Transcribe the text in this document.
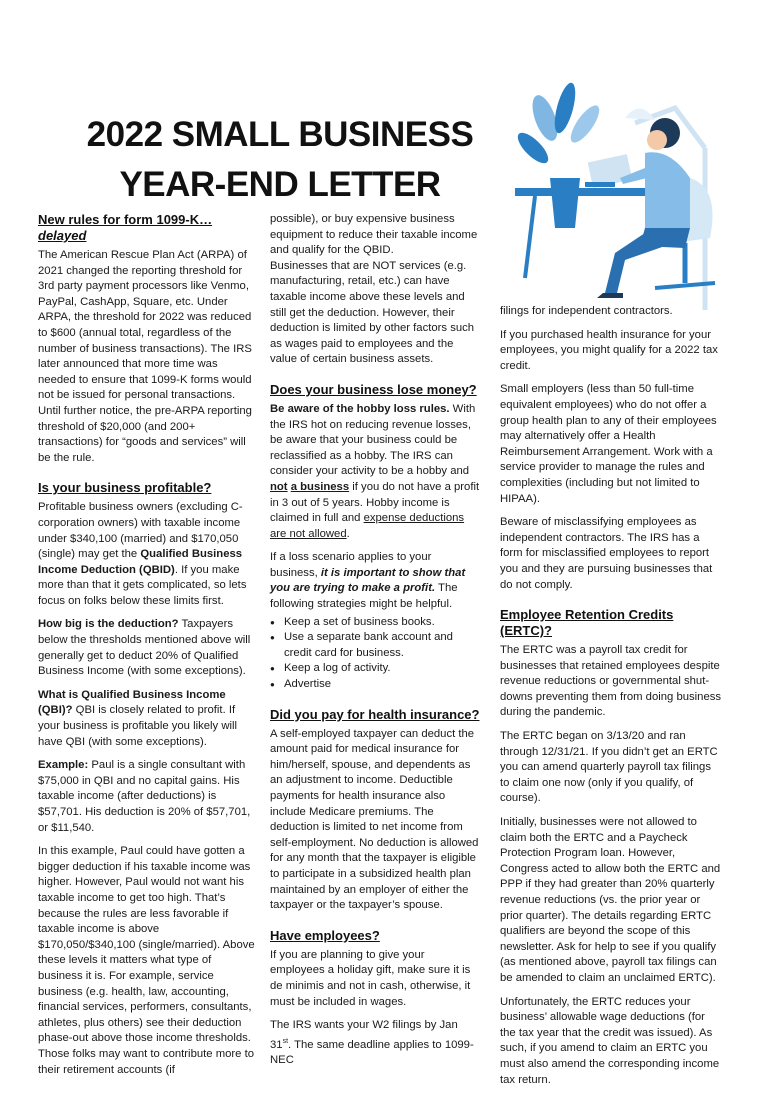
2022 SMALL BUSINESS
YEAR-END LETTER
New rules for form 1099-K… delayed

The American Rescue Plan Act (ARPA) of 2021 changed the reporting threshold for 3rd party payment processors like Venmo, PayPal, CashApp, Square, etc. Under ARPA, the threshold for 2022 was reduced to $600 (annual total, regardless of the number of business transactions). The IRS later announced that more time was needed to ensure that 1099-K forms would not be issued for personal transactions. Until further notice, the pre-ARPA reporting threshold of $20,000 (and 200+ transactions) for “goods and services” will be the rule.

Is your business profitable?

Profitable business owners (excluding C-corporation owners) with taxable income under $340,100 (married) and $170,050 (single) may get the Qualified Business Income Deduction (QBID). If you make more than that it gets complicated, so lets focus on folks below these limits first.

How big is the deduction? Taxpayers below the thresholds mentioned above will generally get to deduct 20% of Qualified Business Income (with some exceptions).

What is Qualified Business Income (QBI)? QBI is closely related to profit. If your business is profitable you likely will have QBI (with some exceptions).

Example: Paul is a single consultant with $75,000 in QBI and no capital gains. His taxable income (after deductions) is $57,701. His deduction is 20% of $57,701, or $11,540.

In this example, Paul could have gotten a bigger deduction if his taxable income was higher. However, Paul would not want his taxable income to get too high. That’s because the rules are less favorable if taxable income is above $170,050/$340,100 (single/married). Above these levels it matters what type of business it is. For example, service business (e.g. health, law, accounting, financial services, performers, consultants, athletes, plus others) see their deduction phase-out above those income thresholds. Those folks may want to contribute more to their retirement accounts (if

possible), or buy expensive business equipment to reduce their taxable income and qualify for the QBID.

Businesses that are NOT services (e.g. manufacturing, retail, etc.) can have taxable income above these levels and still get the deduction. However, their deduction is limited by other factors such as wages paid to employees and the value of certain business assets.

Does your business lose money?

Be aware of the hobby loss rules. With the IRS hot on reducing revenue losses, be aware that your business could be reclassified as a hobby. The IRS can consider your activity to be a hobby and not a business if you do not have a profit in 3 out of 5 years. Hobby income is claimed in full and expense deductions are not allowed.

If a loss scenario applies to your business, it is important to show that you are trying to make a profit. The following strategies might be helpful.

● Keep a set of business books.
● Use a separate bank account and credit card for business.
● Keep a log of activity.
● Advertise
Did you pay for health insurance?

A self-employed taxpayer can deduct the amount paid for medical insurance for him/herself, spouse, and dependents as an adjustment to income. Deductible payments for health insurance also include Medicare premiums. The deduction is limited to net income from self-employment. No deduction is allowed for any month that the taxpayer is eligible to participate in a subsidized health plan maintained by an employer of either the taxpayer or the taxpayer’s spouse.

Have employees?

If you are planning to give your employees a holiday gift, make sure it is de minimis and not in cash, otherwise, it must be included in wages.

The IRS wants your W2 filings by Jan 31st. The same deadline applies to 1099-NEC

filings for independent contractors.

If you purchased health insurance for your employees, you might qualify for a 2022 tax credit.

Small employers (less than 50 full-time equivalent employees) who do not offer a group health plan to any of their employees may alternatively offer a Health Reimbursement Arrangement. Work with a service provider to manage the rules and complexities (including but not limited to HIPAA).

Beware of misclassifying employees as independent contractors. The IRS has a form for misclassified employees to report you and they are pursuing businesses that do not comply.

Employee Retention Credits (ERTC)?

The ERTC was a payroll tax credit for businesses that retained employees despite revenue reductions or governmental shut-downs preventing them from doing business during the pandemic.

The ERTC began on 3/13/20 and ran through 12/31/21. If you didn’t get an ERTC you can amend quarterly payroll tax filings to claim one now (only if you qualify, of course).

Initially, businesses were not allowed to claim both the ERTC and a Paycheck Protection Program loan. However, Congress acted to allow both the ERTC and PPP if they had greater than 20% quarterly revenue reductions (vs. the prior year or prior quarter). The details regarding ERTC qualifiers are beyond the scope of this newsletter. Ask for help to see if you qualify (as mentioned above, payroll tax filings can be amended to claim an unclaimed ERTC).

Unfortunately, the ERTC reduces your business’ allowable wage deductions (for the tax year that the credit was issued). As such, if you amend to claim an ERTC you must also amend the corresponding income tax return.
